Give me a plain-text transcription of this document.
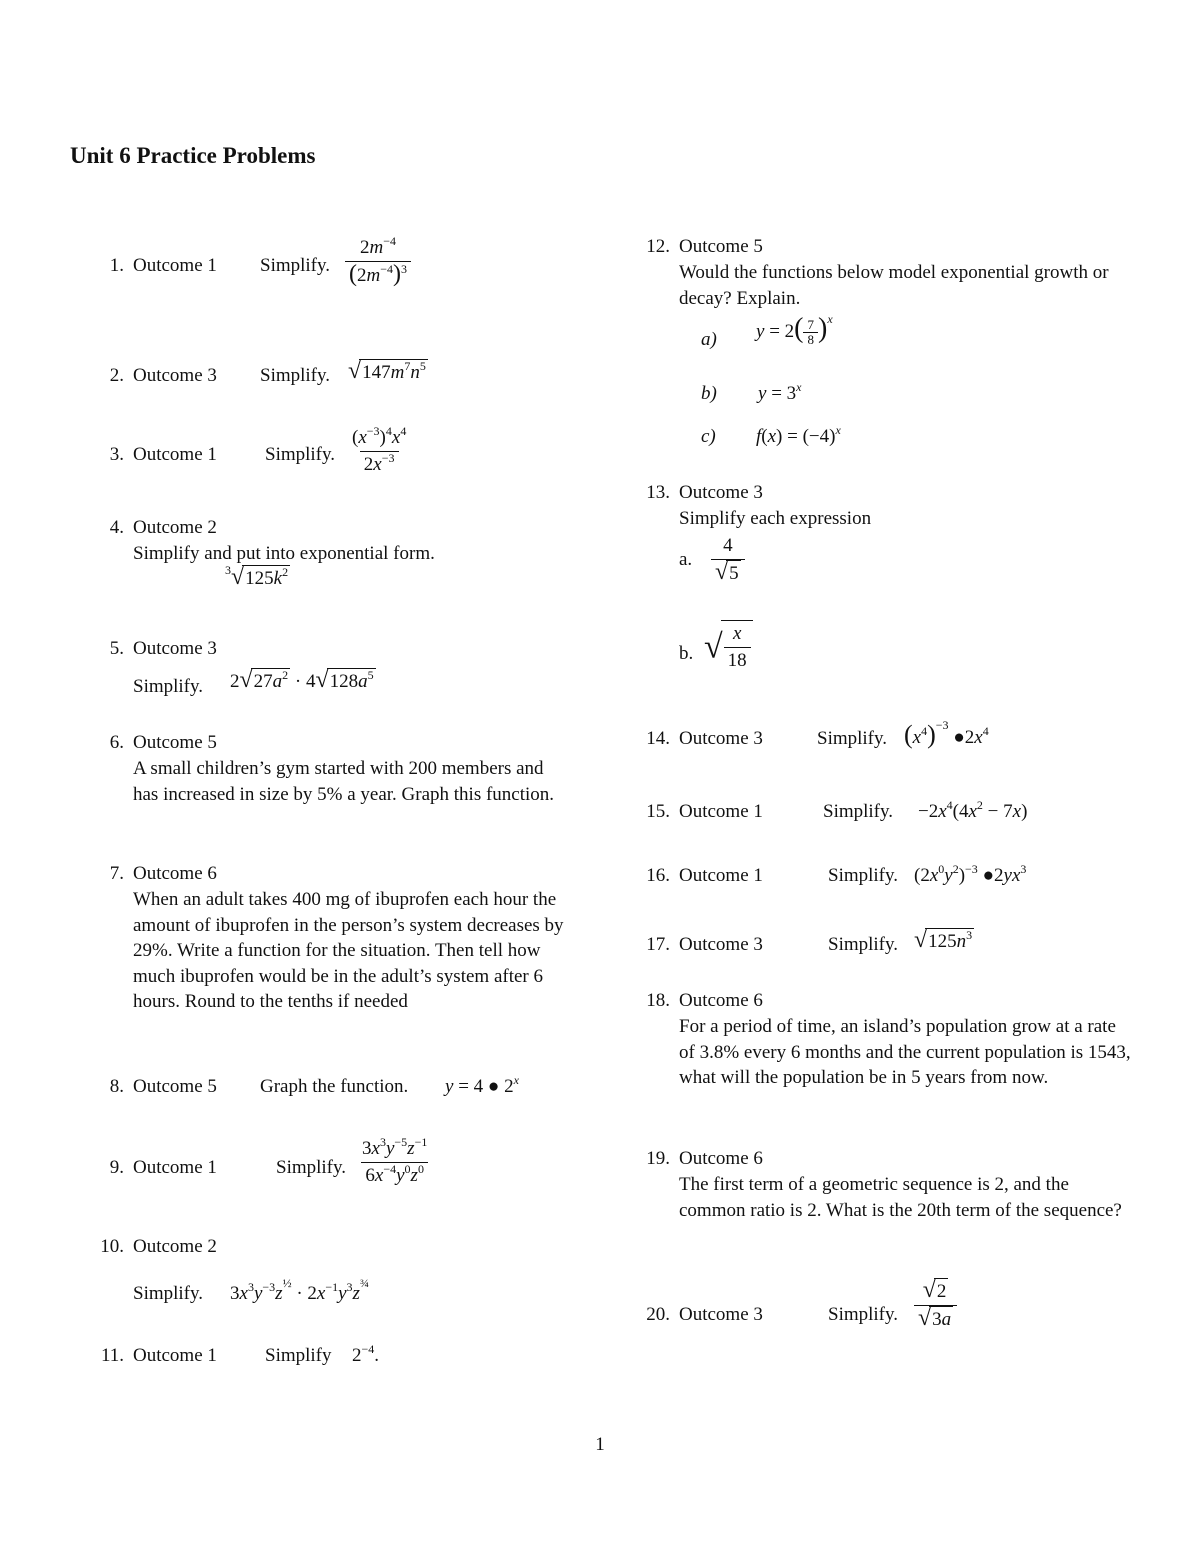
Unit 6 Practice Problems
1. Outcome 1 Simplify. $\frac{2m^{-4}}{(2m^{-4})^3}$
2. Outcome 3 Simplify. $√147m^7n^5$
3. Outcome 1	Simplify. $\frac{(x^{-3})^4x^4}{2x^{-3}}$
4. Outcome 2
Simplify and put into exponential form.
$^3√125k^2$
5. Outcome 3
Simplify. $2√27a^2 \cdot 4√128a^5$
6. Outcome 5
A small children’s gym started with 200 members and has increased in size by 5% a year. Graph this function.
7. Outcome 6
When an adult takes 400 mg of ibuprofen each hour the amount of ibuprofen in the person’s system decreases by 29%. Write a function for the situation. Then tell how much ibuprofen would be in the adult’s system after 6 hours. Round to the tenths if needed
8. Outcome 5 Graph the function. y = 4 ● 2$^x$
9. Outcome 1	Simplify. $\frac{3x^3y^{-5}z^{-1}}{6x^{-4}y^0z^0}$
10. Outcome 2
Simplify. $3x^3y^{-3}z^{\frac{1}{2}} \cdot 2x^{-1}y^3z^{\frac{3}{4}}$
11. Outcome 1	Simplify $2^{-4}$.
12. Outcome 5
Would the functions below model exponential growth or decay? Explain.
a) $y = 2( \frac{7}{8} )^x$
b) $y = 3^x$
c) $f(x) = (-4)^x$
13. Outcome 3
Simplify each expression
a. $\frac{4}{√5}$
b. √ $\frac{x}{18}$
14. Outcome 3	Simplify. $(x^4)^{-3}$ $●2x^4$
15. Outcome 1	Simplify. $-2x^4(4x^2 - 7x)$
16. Outcome 1	Simplify. $(2x^0y^2)^{-3}$ $●2yx^3$
17. Outcome 3	Simplify. $√125n^3$
18. Outcome 6
For a period of time, an island’s population grow at a rate of 3.8% every 6 months and the current population is 1543, what will the population be in 5 years from now.
19. Outcome 6
The first term of a geometric sequence is 2, and the common ratio is 2. What is the 20th term of the sequence?
20. Outcome 3	Simplify. $\frac{√2}{√3a}$
1
